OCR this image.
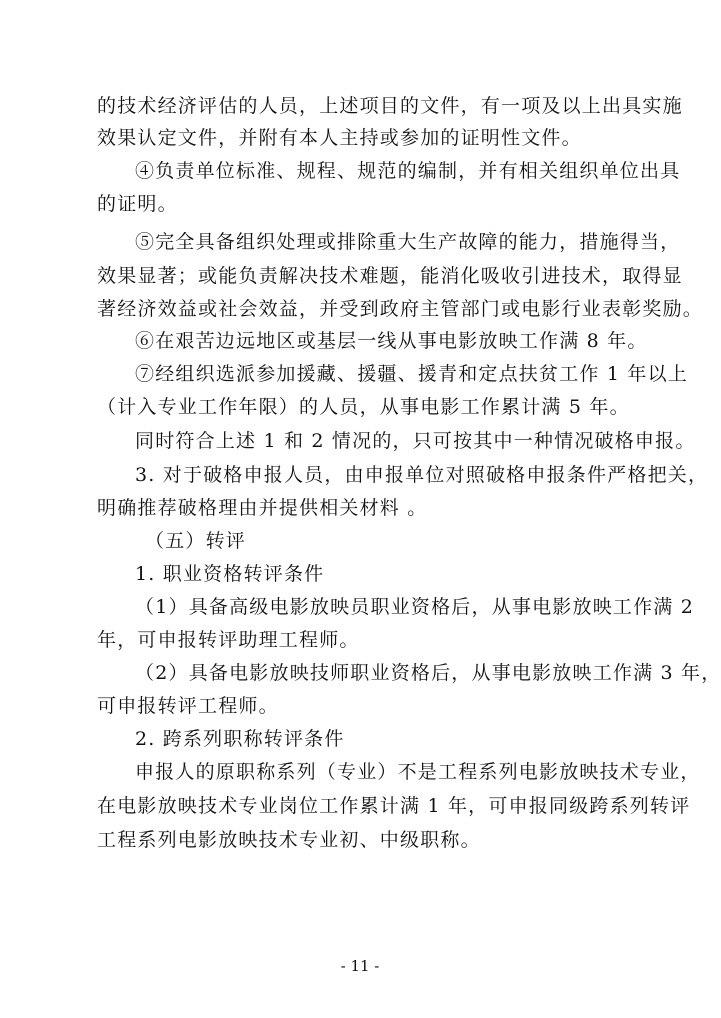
的技术经济评估的人员，上述项目的文件，有一项及以上出具实施
效果认定文件，并附有本人主持或参加的证明性文件。
④负责单位标准、规程、规范的编制，并有相关组织单位出具
的证明。
⑤完全具备组织处理或排除重大生产故障的能力，措施得当，
效果显著；或能负责解决技术难题，能消化吸收引进技术，取得显
著经济效益或社会效益，并受到政府主管部门或电影行业表彰奖励。
⑥在艰苦边远地区或基层一线从事电影放映工作满 8 年。
⑦经组织选派参加援藏、援疆、援青和定点扶贫工作 1 年以上
（计入专业工作年限）的人员，从事电影工作累计满 5 年。
同时符合上述 1 和 2 情况的，只可按其中一种情况破格申报。
3. 对于破格申报人员，由申报单位对照破格申报条件严格把关，
明确推荐破格理由并提供相关材料 。
（五）转评
1. 职业资格转评条件
（1）具备高级电影放映员职业资格后，从事电影放映工作满 2
年，可申报转评助理工程师。
（2）具备电影放映技师职业资格后，从事电影放映工作满 3 年，
可申报转评工程师。
2. 跨系列职称转评条件
申报人的原职称系列（专业）不是工程系列电影放映技术专业，
在电影放映技术专业岗位工作累计满 1 年，可申报同级跨系列转评
工程系列电影放映技术专业初、中级职称。
- 11 -
